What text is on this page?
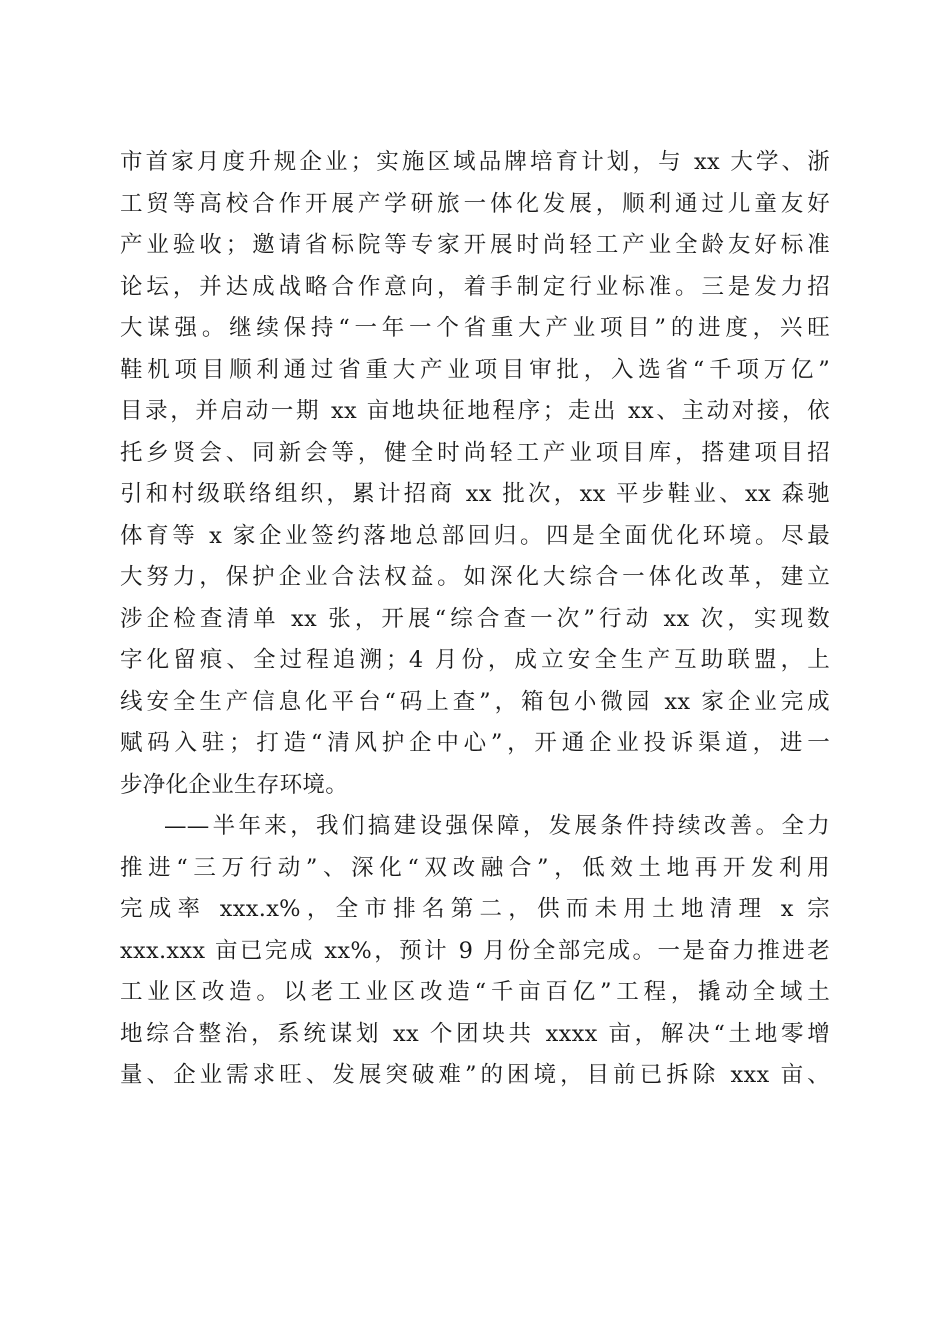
市首家月度升规企业；实施区域品牌培育计划，与 xx 大学、浙
工贸等高校合作开展产学研旅一体化发展，顺利通过儿童友好
产业验收；邀请省标院等专家开展时尚轻工产业全龄友好标准
论坛，并达成战略合作意向，着手制定行业标准。三是发力招
大谋强。继续保持“一年一个省重大产业项目”的进度，兴旺
鞋机项目顺利通过省重大产业项目审批，入选省“千项万亿”
目录，并启动一期 xx 亩地块征地程序；走出 xx、主动对接，依
托乡贤会、同新会等，健全时尚轻工产业项目库，搭建项目招
引和村级联络组织，累计招商 xx 批次，xx 平步鞋业、xx 森驰
体育等 x 家企业签约落地总部回归。四是全面优化环境。尽最
大努力，保护企业合法权益。如深化大综合一体化改革，建立
涉企检查清单 xx 张，开展“综合查一次”行动 xx 次，实现数
字化留痕、全过程追溯；4 月份，成立安全生产互助联盟，上
线安全生产信息化平台“码上查”，箱包小微园 xx 家企业完成
赋码入驻；打造“清风护企中心”，开通企业投诉渠道，进一
步净化企业生存环境。
——半年来，我们搞建设强保障，发展条件持续改善。全力
推进“三万行动”、深化“双改融合”，低效土地再开发利用
完成率 xxx.x%，全市排名第二，供而未用土地清理 x 宗
xxx.xxx 亩已完成 xx%，预计 9 月份全部完成。一是奋力推进老
工业区改造。以老工业区改造“千亩百亿”工程，撬动全域土
地综合整治，系统谋划 xx 个团块共 xxxx 亩，解决“土地零增
量、企业需求旺、发展突破难”的困境，目前已拆除 xxx 亩、
